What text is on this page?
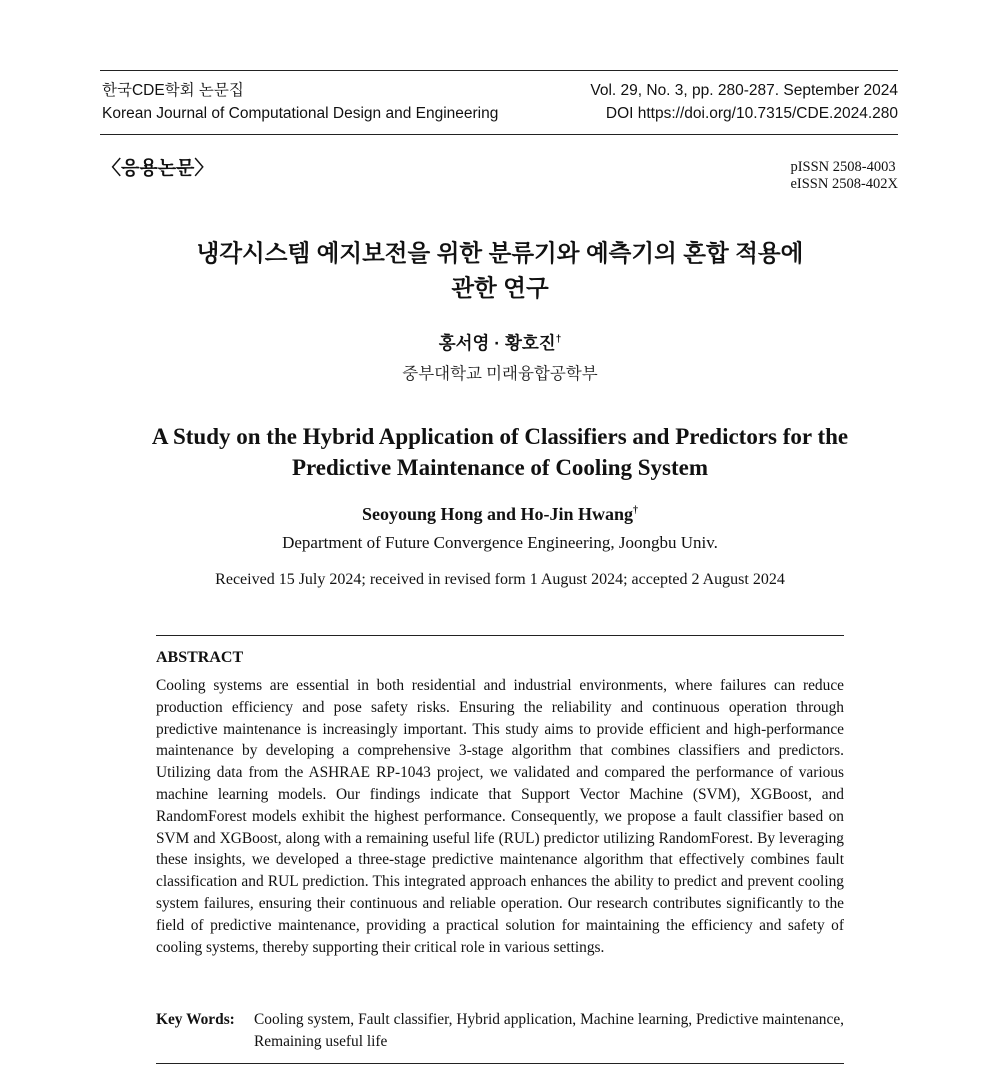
한국CDE학회 논문집
Korean Journal of Computational Design and Engineering
Vol. 29, No. 3, pp. 280-287. September 2024
DOI https://doi.org/10.7315/CDE.2024.280
〈응용논문〉	pISSN 2508-4003
eISSN 2508-402X
냉각시스템 예지보전을 위한 분류기와 예측기의 혼합 적용에
관한 연구
홍서영 · 황호진†
중부대학교 미래융합공학부
A Study on the Hybrid Application of Classifiers and Predictors for the
Predictive Maintenance of Cooling System
Seoyoung Hong and Ho-Jin Hwang†
Department of Future Convergence Engineering, Joongbu Univ.
Received 15 July 2024; received in revised form 1 August 2024; accepted 2 August 2024
ABSTRACT
Cooling systems are essential in both residential and industrial environments, where failures can reduce production efficiency and pose safety risks. Ensuring the reliability and continuous operation through predictive maintenance is increasingly important. This study aims to provide efficient and high-performance maintenance by developing a comprehensive 3-stage algorithm that combines classifiers and predictors. Utilizing data from the ASHRAE RP-1043 project, we validated and compared the performance of various machine learning models. Our findings indicate that Support Vector Machine (SVM), XGBoost, and RandomForest models exhibit the highest performance. Consequently, we propose a fault classifier based on SVM and XGBoost, along with a remaining useful life (RUL) predictor utilizing RandomForest. By leveraging these insights, we developed a three-stage predictive maintenance algorithm that effectively combines fault classification and RUL prediction. This integrated approach enhances the ability to predict and prevent cooling system failures, ensuring their continuous and reliable operation. Our research contributes significantly to the field of predictive maintenance, providing a practical solution for maintaining the efficiency and safety of cooling systems, thereby supporting their critical role in various settings.
Key Words: Cooling system, Fault classifier, Hybrid application, Machine learning, Predictive maintenance, Remaining useful life
